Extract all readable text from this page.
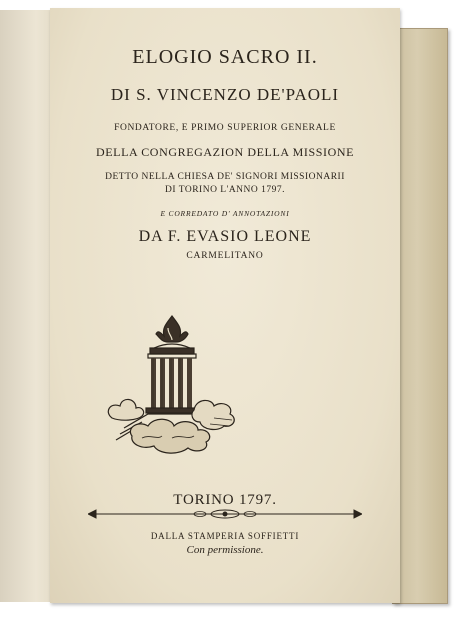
ELOGIO SACRO II.
DI S. VINCENZO DE'PAOLI
FONDATORE, E PRIMO SUPERIOR GENERALE
DELLA CONGREGAZION DELLA MISSIONE
DETTO NELLA CHIESA DE' SIGNORI MISSIONARII
DI TORINO L'ANNO 1797.
E CORREDATO D' ANNOTAZIONI
DA F. EVASIO LEONE
CARMELITANO
TORINO 1797.
DALLA STAMPERIA SOFFIETTI
Con permissione.
